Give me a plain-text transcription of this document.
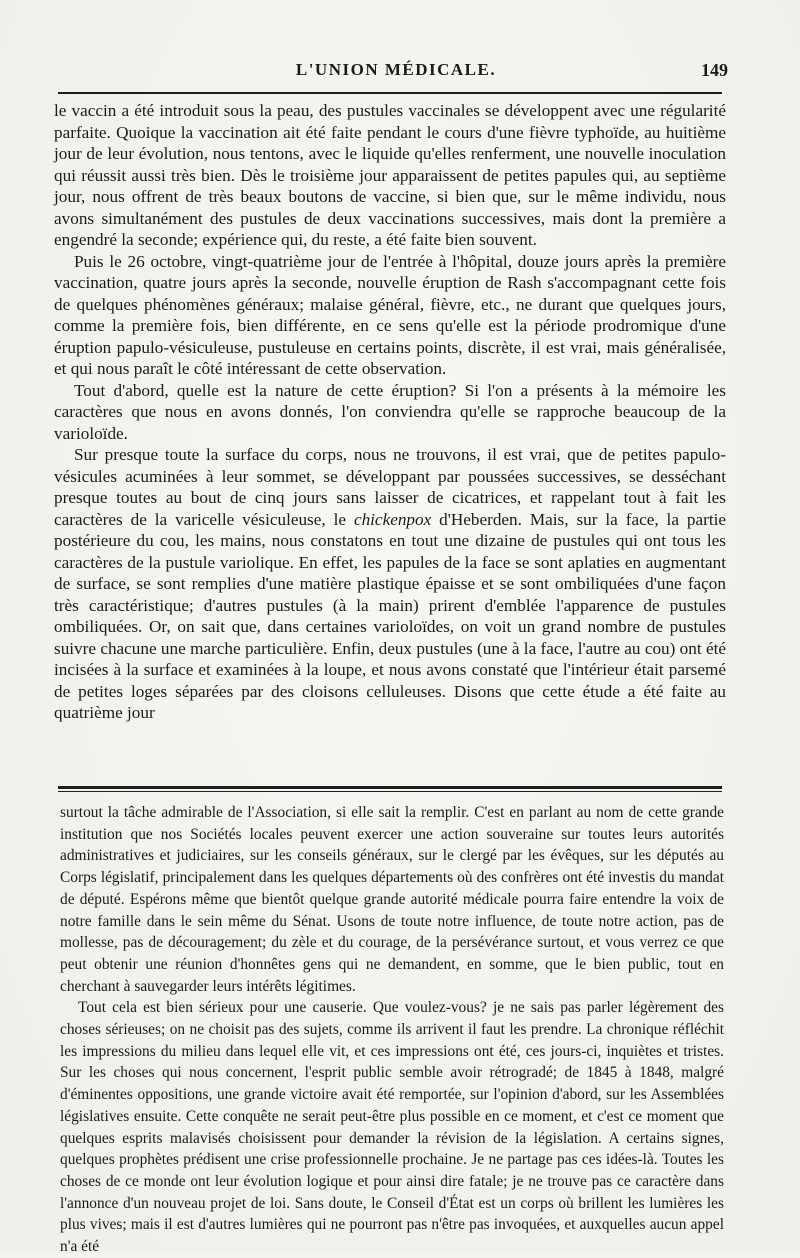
L'UNION MÉDICALE.	149

le vaccin a été introduit sous la peau, des pustules vaccinales se développent avec une régularité parfaite. Quoique la vaccination ait été faite pendant le cours d'une fièvre typhoïde, au huitième jour de leur évolution, nous tentons, avec le liquide qu'elles renferment, une nouvelle inoculation qui réussit aussi très bien. Dès le troisième jour apparaissent de petites papules qui, au septième jour, nous offrent de très beaux boutons de vaccine, si bien que, sur le même individu, nous avons simultanément des pustules de deux vaccinations successives, mais dont la première a engendré la seconde; expérience qui, du reste, a été faite bien souvent.

Puis le 26 octobre, vingt-quatrième jour de l'entrée à l'hôpital, douze jours après la première vaccination, quatre jours après la seconde, nouvelle éruption de Rash s'accompagnant cette fois de quelques phénomènes généraux; malaise général, fièvre, etc., ne durant que quelques jours, comme la première fois, bien différente, en ce sens qu'elle est la période prodromique d'une éruption papulo-vésiculeuse, pustuleuse en certains points, discrète, il est vrai, mais généralisée, et qui nous paraît le côté intéressant de cette observation.

Tout d'abord, quelle est la nature de cette éruption? Si l'on a présents à la mémoire les caractères que nous en avons donnés, l'on conviendra qu'elle se rapproche beaucoup de la varioloïde.

Sur presque toute la surface du corps, nous ne trouvons, il est vrai, que de petites papulo-vésicules acuminées à leur sommet, se développant par poussées successives, se desséchant presque toutes au bout de cinq jours sans laisser de cicatrices, et rappelant tout à fait les caractères de la varicelle vésiculeuse, le chickenpox d'Heberden. Mais, sur la face, la partie postérieure du cou, les mains, nous constatons en tout une dizaine de pustules qui ont tous les caractères de la pustule variolique. En effet, les papules de la face se sont aplaties en augmentant de surface, se sont remplies d'une matière plastique épaisse et se sont ombiliquées d'une façon très caractéristique; d'autres pustules (à la main) prirent d'emblée l'apparence de pustules ombiliquées. Or, on sait que, dans certaines varioloïdes, on voit un grand nombre de pustules suivre chacune une marche particulière. Enfin, deux pustules (une à la face, l'autre au cou) ont été incisées à la surface et examinées à la loupe, et nous avons constaté que l'intérieur était parsemé de petites loges séparées par des cloisons celluleuses. Disons que cette étude a été faite au quatrième jour

surtout la tâche admirable de l'Association, si elle sait la remplir. C'est en parlant au nom de cette grande institution que nos Sociétés locales peuvent exercer une action souveraine sur toutes leurs autorités administratives et judiciaires, sur les conseils généraux, sur le clergé par les évêques, sur les députés au Corps législatif, principalement dans les quelques départements où des confrères ont été investis du mandat de député. Espérons même que bientôt quelque grande autorité médicale pourra faire entendre la voix de notre famille dans le sein même du Sénat. Usons de toute notre influence, de toute notre action, pas de mollesse, pas de découragement; du zèle et du courage, de la persévérance surtout, et vous verrez ce que peut obtenir une réunion d'honnêtes gens qui ne demandent, en somme, que le bien public, tout en cherchant à sauvegarder leurs intérêts légitimes.

Tout cela est bien sérieux pour une causerie. Que voulez-vous? je ne sais pas parler légèrement des choses sérieuses; on ne choisit pas des sujets, comme ils arrivent il faut les prendre. La chronique réfléchit les impressions du milieu dans lequel elle vit, et ces impressions ont été, ces jours-ci, inquiètes et tristes. Sur les choses qui nous concernent, l'esprit public semble avoir rétrogradé; de 1845 à 1848, malgré d'éminentes oppositions, une grande victoire avait été remportée, sur l'opinion d'abord, sur les Assemblées législatives ensuite. Cette conquête ne serait peut-être plus possible en ce moment, et c'est ce moment que quelques esprits malavisés choisissent pour demander la révision de la législation. A certains signes, quelques prophètes prédisent une crise professionnelle prochaine. Je ne partage pas ces idées-là. Toutes les choses de ce monde ont leur évolution logique et pour ainsi dire fatale; je ne trouve pas ce caractère dans l'annonce d'un nouveau projet de loi. Sans doute, le Conseil d'État est un corps où brillent les lumières les plus vives; mais il est d'autres lumières qui ne pourront pas n'être pas invoquées, et auxquelles aucun appel n'a été
